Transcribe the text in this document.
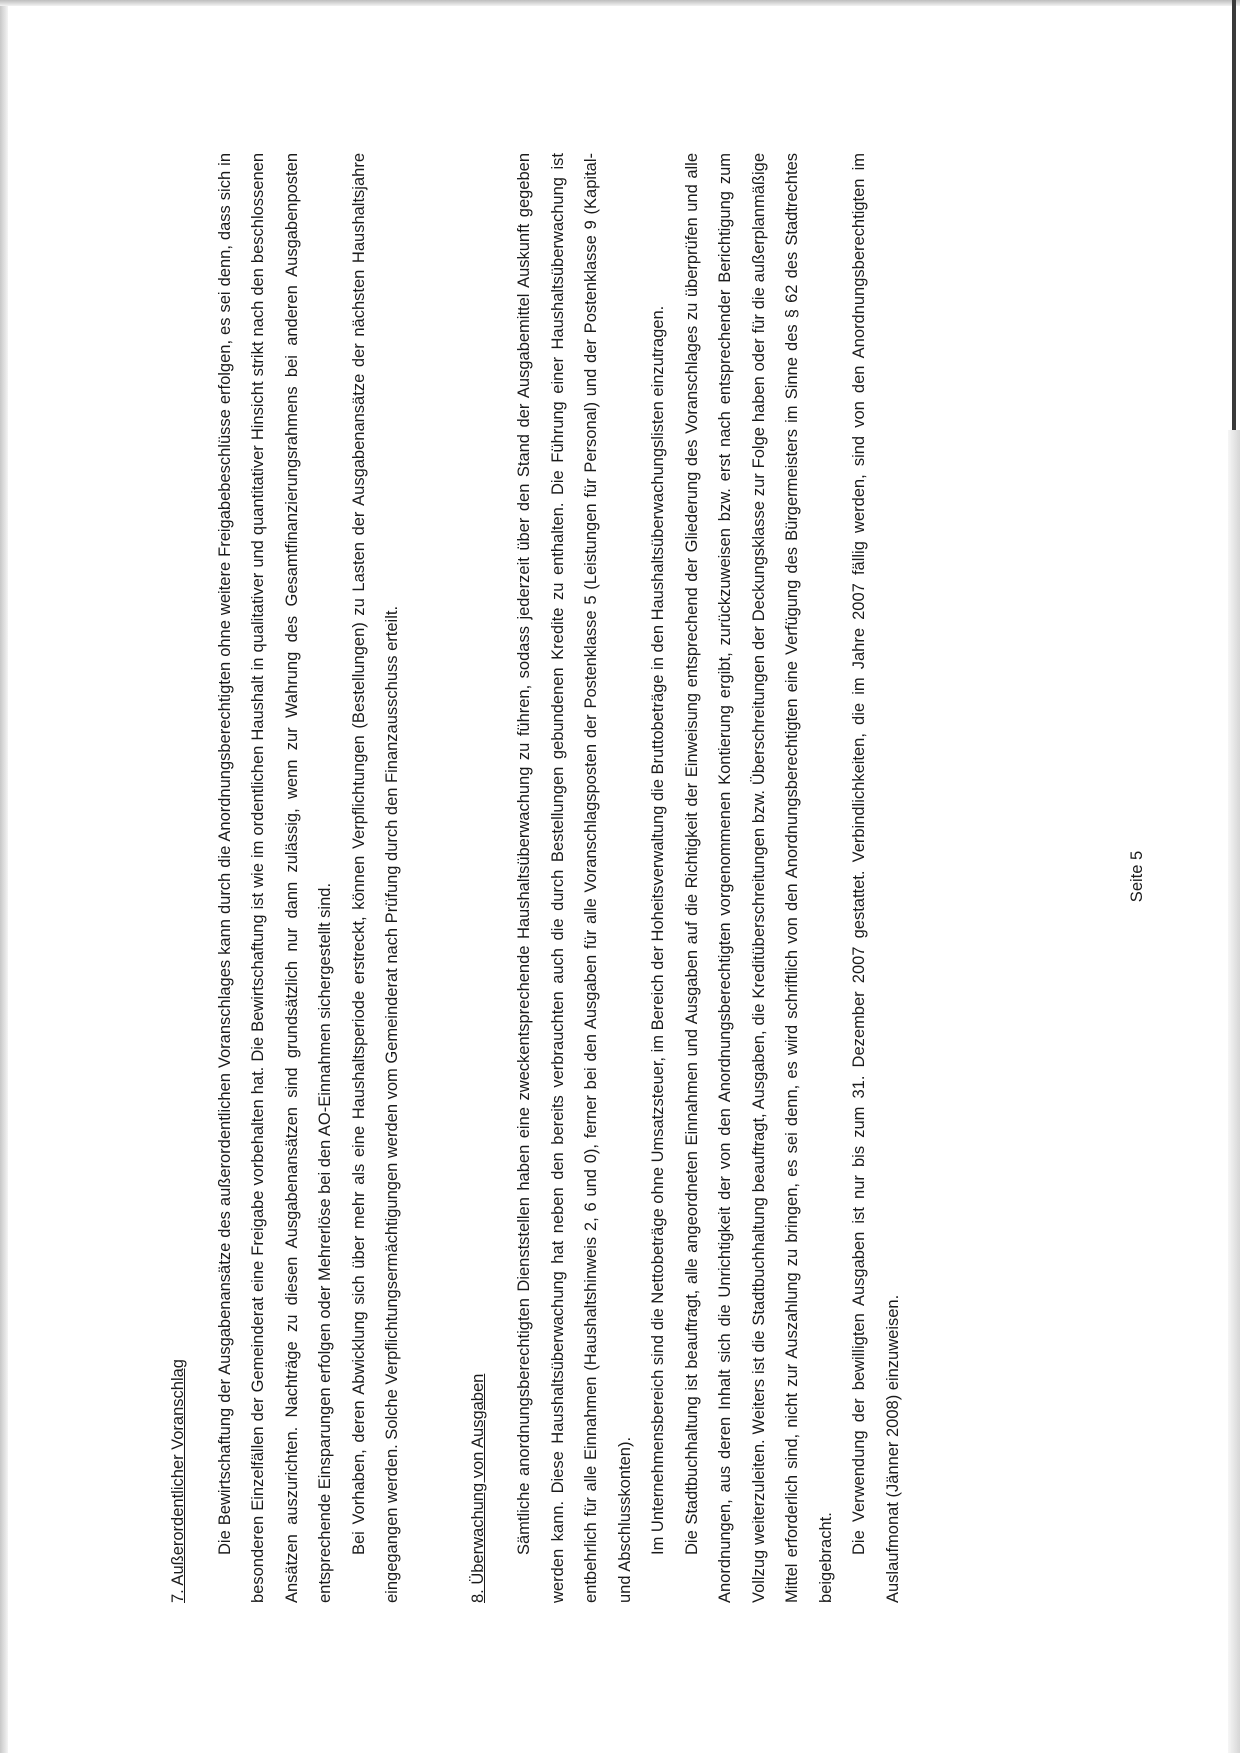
7. Außerordentlicher Voranschlag	Die Bewirtschaftung der Ausgabenansätze des außerordentlichen Voranschlages kann durch die Anordnungsberechtigten ohne weitere Freigabebeschlüsse erfolgen, es sei denn, dass sich in besonderen Einzelfällen der Gemeinderat eine Freigabe vorbehalten hat. Die Bewirtschaftung ist wie im ordentlichen Haushalt in qualitativer und quantitativer Hinsicht strikt nach den beschlossenen Ansätzen auszurichten. Nachträge zu diesen Ausgabenansätzen sind grundsätzlich nur dann zulässig, wenn zur Wahrung des Gesamtfinanzierungsrahmens bei anderen Ausgabenposten entsprechende Einsparungen erfolgen oder Mehrerlöse bei den AO-Einnahmen sichergestellt sind. Bei Vorhaben, deren Abwicklung sich über mehr als eine Haushaltsperiode erstreckt, können Verpflichtungen (Bestellungen) zu Lasten der Ausgabenansätze der nächsten Haushaltsjahre eingegangen werden. Solche Verpflichtungsermächtigungen werden vom Gemeinderat nach Prüfung durch den Finanzausschuss erteilt.	8. Überwachung von Ausgaben	Sämtliche anordnungsberechtigten Dienststellen haben eine zweckentsprechende Haushaltsüberwachung zu führen, sodass jederzeit über den Stand der Ausgabemittel Auskunft gegeben werden kann. Diese Haushaltsüberwachung hat neben den bereits verbrauchten auch die durch Bestellungen gebundenen Kredite zu enthalten. Die Führung einer Haushaltsüberwachung ist entbehrlich für alle Einnahmen (Haushaltshinweis 2, 6 und 0), ferner bei den Ausgaben für alle Voranschlagsposten der Postenklasse 5 (Leistungen für Personal) und der Postenklasse 9 (Kapital- und Abschlusskonten). Im Unternehmensbereich sind die Nettobeträge ohne Umsatzsteuer, im Bereich der Hoheitsverwaltung die Bruttobeträge in den Haushaltsüberwachungslisten einzutragen. Die Stadtbuchhaltung ist beauftragt, alle angeordneten Einnahmen und Ausgaben auf die Richtigkeit der Einweisung entsprechend der Gliederung des Voranschlages zu überprüfen und alle Anordnungen, aus deren Inhalt sich die Unrichtigkeit der von den Anordnungsberechtigten vorgenommenen Kontierung ergibt, zurückzuweisen bzw. erst nach entsprechender Berichtigung zum Vollzug weiterzuleiten. Weiters ist die Stadtbuchhaltung beauftragt, Ausgaben, die Kreditüberschreitungen bzw. Überschreitungen der Deckungsklasse zur Folge haben oder für die außerplanmäßige Mittel erforderlich sind, nicht zur Auszahlung zu bringen, es sei denn, es wird schriftlich von den Anordnungsberechtigten eine Verfügung des Bürgermeisters im Sinne des § 62 des Stadtrechtes beigebracht.

Die Verwendung der bewilligten Ausgaben ist nur bis zum 31. Dezember 2007 gestattet. Verbindlichkeiten, die im Jahre 2007 fällig werden, sind von den Anordnungsberechtigten im Auslaufmonat (Jänner 2008) einzuweisen.

Seite 5
